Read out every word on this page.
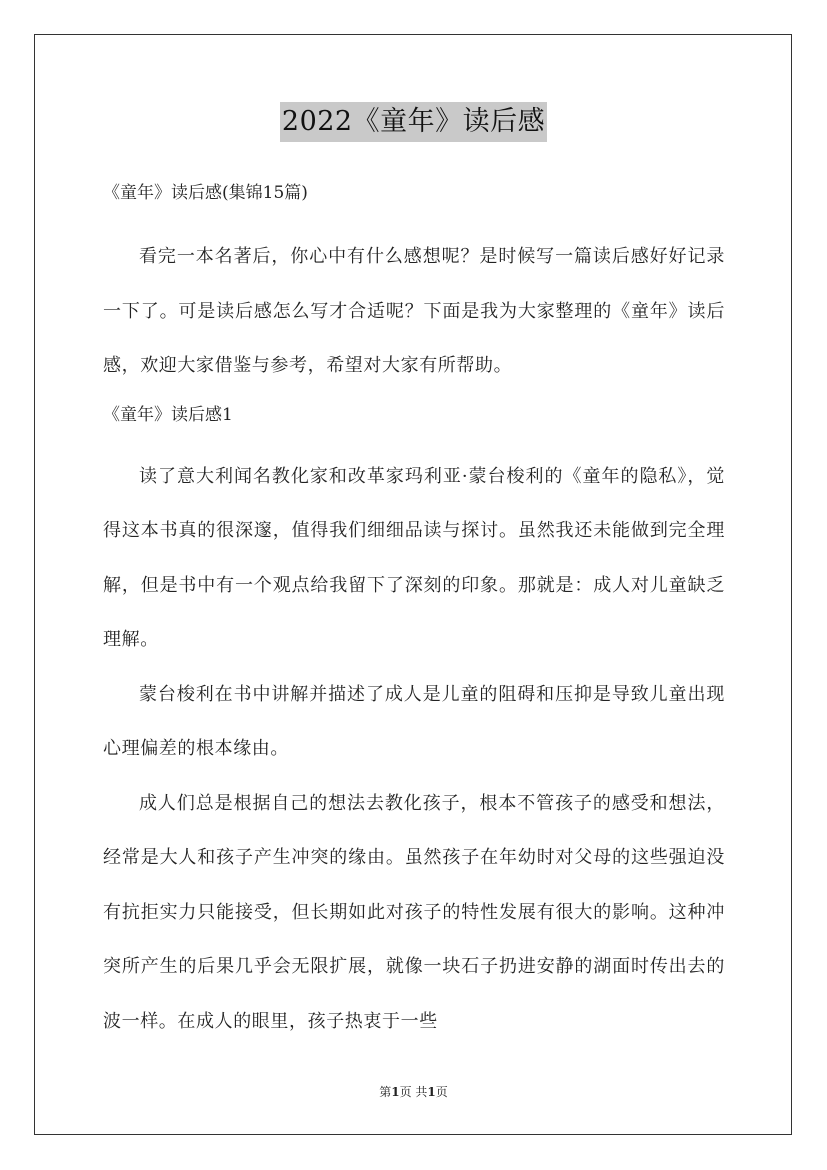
2022《童年》读后感
《童年》读后感(集锦15篇)

看完一本名著后，你心中有什么感想呢？是时候写一篇读后感好好记录一下了。可是读后感怎么写才合适呢？下面是我为大家整理的《童年》读后感，欢迎大家借鉴与参考，希望对大家有所帮助。

《童年》读后感1

读了意大利闻名教化家和改革家玛利亚·蒙台梭利的《童年的隐私》，觉得这本书真的很深邃，值得我们细细品读与探讨。虽然我还未能做到完全理解，但是书中有一个观点给我留下了深刻的印象。那就是：成人对儿童缺乏理解。

蒙台梭利在书中讲解并描述了成人是儿童的阻碍和压抑是导致儿童出现心理偏差的根本缘由。

成人们总是根据自己的想法去教化孩子，根本不管孩子的感受和想法，经常是大人和孩子产生冲突的缘由。虽然孩子在年幼时对父母的这些强迫没有抗拒实力只能接受，但长期如此对孩子的特性发展有很大的影响。这种冲突所产生的后果几乎会无限扩展，就像一块石子扔进安静的湖面时传出去的波一样。在成人的眼里，孩子热衷于一些

第1页 共1页
